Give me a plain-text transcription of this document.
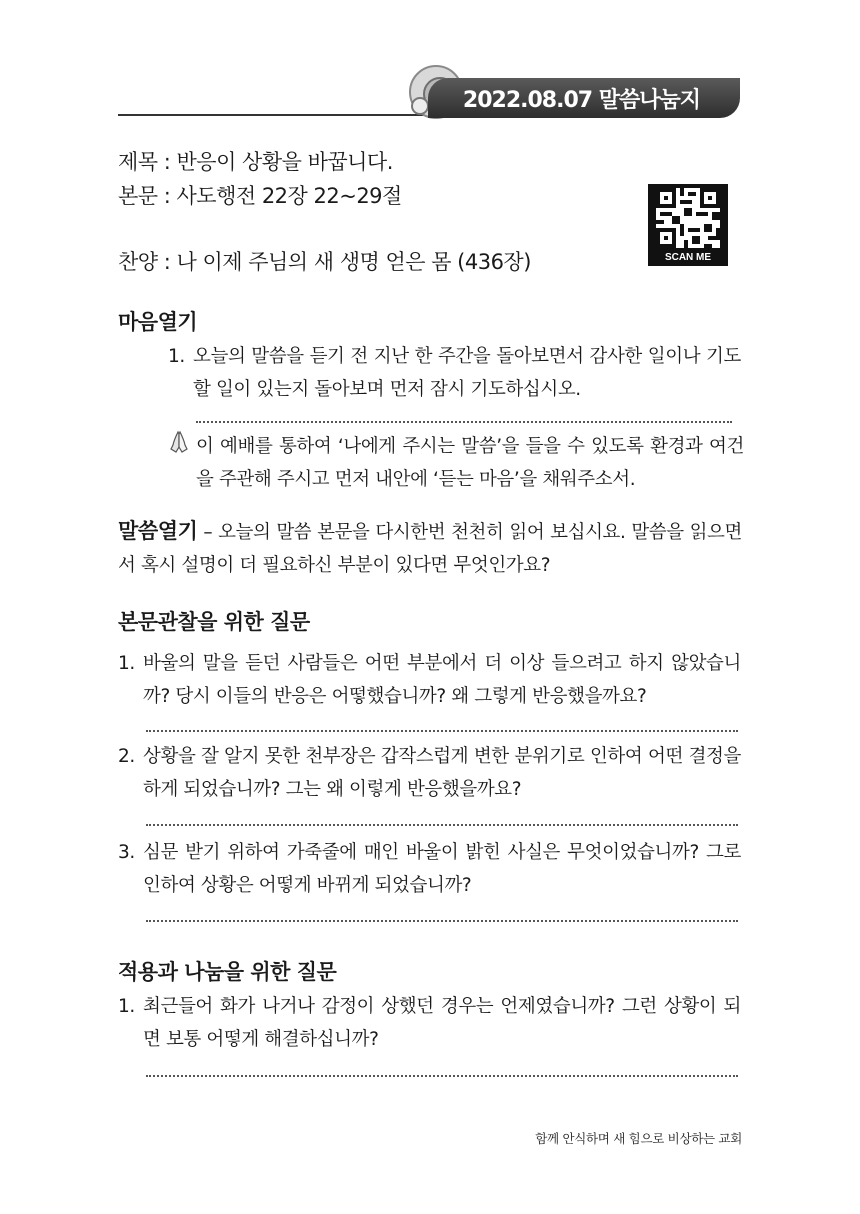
2022.08.07 말씀나눔지
제목 : 반응이 상황을 바꿉니다.
본문 : 사도행전 22장 22~29절
찬양 : 나 이제 주님의 새 생명 얻은 몸 (436장)	SCAN ME
마음열기
1. 오늘의 말씀을 듣기 전 지난 한 주간을 돌아보면서 감사한 일이나 기도할 일이 있는지 돌아보며 먼저 잠시 기도하십시오.
이 예배를 통하여 ‘나에게 주시는 말씀’을 들을 수 있도록 환경과 여건을 주관해 주시고 먼저 내안에 ‘듣는 마음’을 채워주소서.
말씀열기 – 오늘의 말씀 본문을 다시한번 천천히 읽어 보십시요. 말씀을 읽으면서 혹시 설명이 더 필요하신 부분이 있다면 무엇인가요?
본문관찰을 위한 질문
1. 바울의 말을 듣던 사람들은 어떤 부분에서 더 이상 들으려고 하지 않았습니까? 당시 이들의 반응은 어떻했습니까? 왜 그렇게 반응했을까요?
2. 상황을 잘 알지 못한 천부장은 갑작스럽게 변한 분위기로 인하여 어떤 결정을 하게 되었습니까? 그는 왜 이렇게 반응했을까요?
3. 심문 받기 위하여 가죽줄에 매인 바울이 밝힌 사실은 무엇이었습니까? 그로 인하여 상황은 어떻게 바뀌게 되었습니까?
적용과 나눔을 위한 질문
1. 최근들어 화가 나거나 감정이 상했던 경우는 언제였습니까? 그런 상황이 되면 보통 어떻게 해결하십니까?
함께 안식하며 새 힘으로 비상하는 교회
